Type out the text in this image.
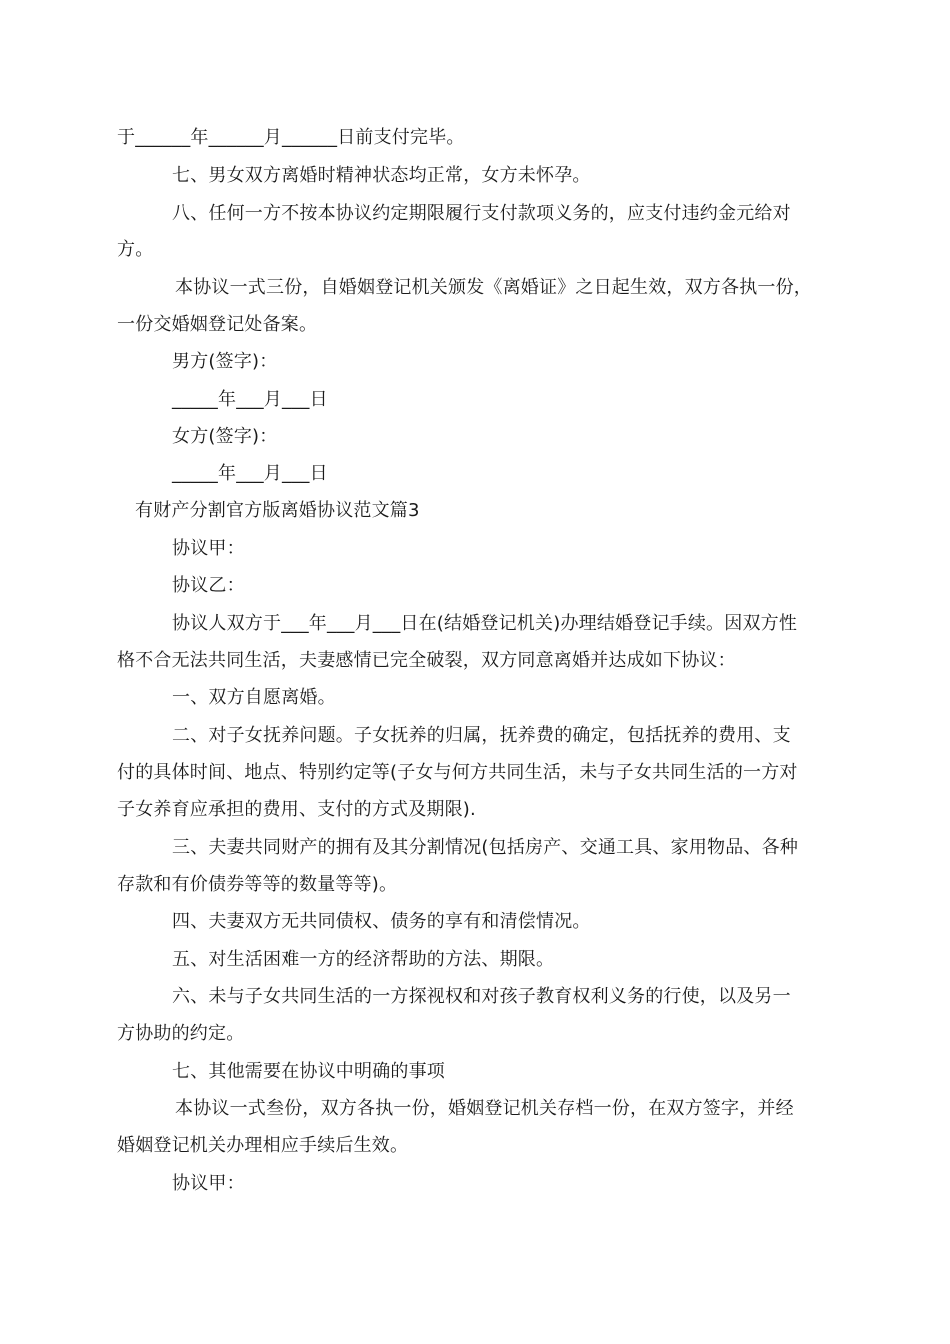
于______年______月______日前支付完毕。
七、男女双方离婚时精神状态均正常，女方未怀孕。
八、任何一方不按本协议约定期限履行支付款项义务的，应支付违约金元给对
方。
本协议一式三份，自婚姻登记机关颁发《离婚证》之日起生效，双方各执一份，
一份交婚姻登记处备案。
男方(签字)：
_____年___月___日
女方(签字)：
_____年___月___日
有财产分割官方版离婚协议范文篇3
协议甲：
协议乙：
协议人双方于___年___月___日在(结婚登记机关)办理结婚登记手续。因双方性
格不合无法共同生活，夫妻感情已完全破裂，双方同意离婚并达成如下协议：
一、双方自愿离婚。
二、对子女抚养问题。子女抚养的归属，抚养费的确定，包括抚养的费用、支
付的具体时间、地点、特别约定等(子女与何方共同生活，未与子女共同生活的一方对
子女养育应承担的费用、支付的方式及期限).
三、夫妻共同财产的拥有及其分割情况(包括房产、交通工具、家用物品、各种
存款和有价债券等等的数量等等)。
四、夫妻双方无共同债权、债务的享有和清偿情况。
五、对生活困难一方的经济帮助的方法、期限。
六、未与子女共同生活的一方探视权和对孩子教育权利义务的行使，以及另一
方协助的约定。
七、其他需要在协议中明确的事项
本协议一式叁份，双方各执一份，婚姻登记机关存档一份，在双方签字，并经
婚姻登记机关办理相应手续后生效。
协议甲：
